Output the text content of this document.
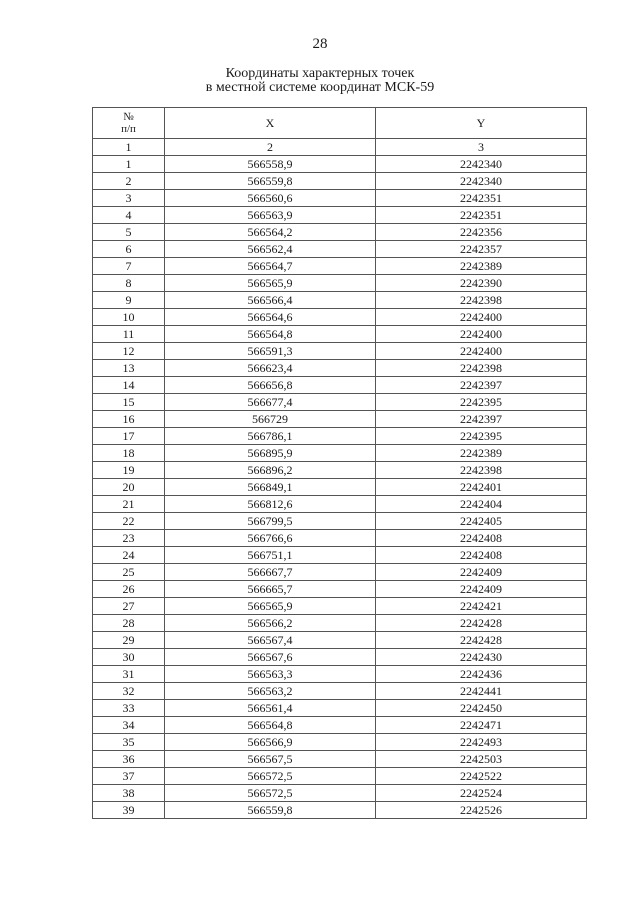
28
Координаты характерных точек
в местной системе координат МСК-59
№
п/п	X	Y
1	2	3
1	566558,9	2242340
2	566559,8	2242340
3	566560,6	2242351
4	566563,9	2242351
5	566564,2	2242356
6	566562,4	2242357
7	566564,7	2242389
8	566565,9	2242390
9	566566,4	2242398
10	566564,6	2242400
11	566564,8	2242400
12	566591,3	2242400
13	566623,4	2242398
14	566656,8	2242397
15	566677,4	2242395
16	566729	2242397
17	566786,1	2242395
18	566895,9	2242389
19	566896,2	2242398
20	566849,1	2242401
21	566812,6	2242404
22	566799,5	2242405
23	566766,6	2242408
24	566751,1	2242408
25	566667,7	2242409
26	566665,7	2242409
27	566565,9	2242421
28	566566,2	2242428
29	566567,4	2242428
30	566567,6	2242430
31	566563,3	2242436
32	566563,2	2242441
33	566561,4	2242450
34	566564,8	2242471
35	566566,9	2242493
36	566567,5	2242503
37	566572,5	2242522
38	566572,5	2242524
39	566559,8	2242526
